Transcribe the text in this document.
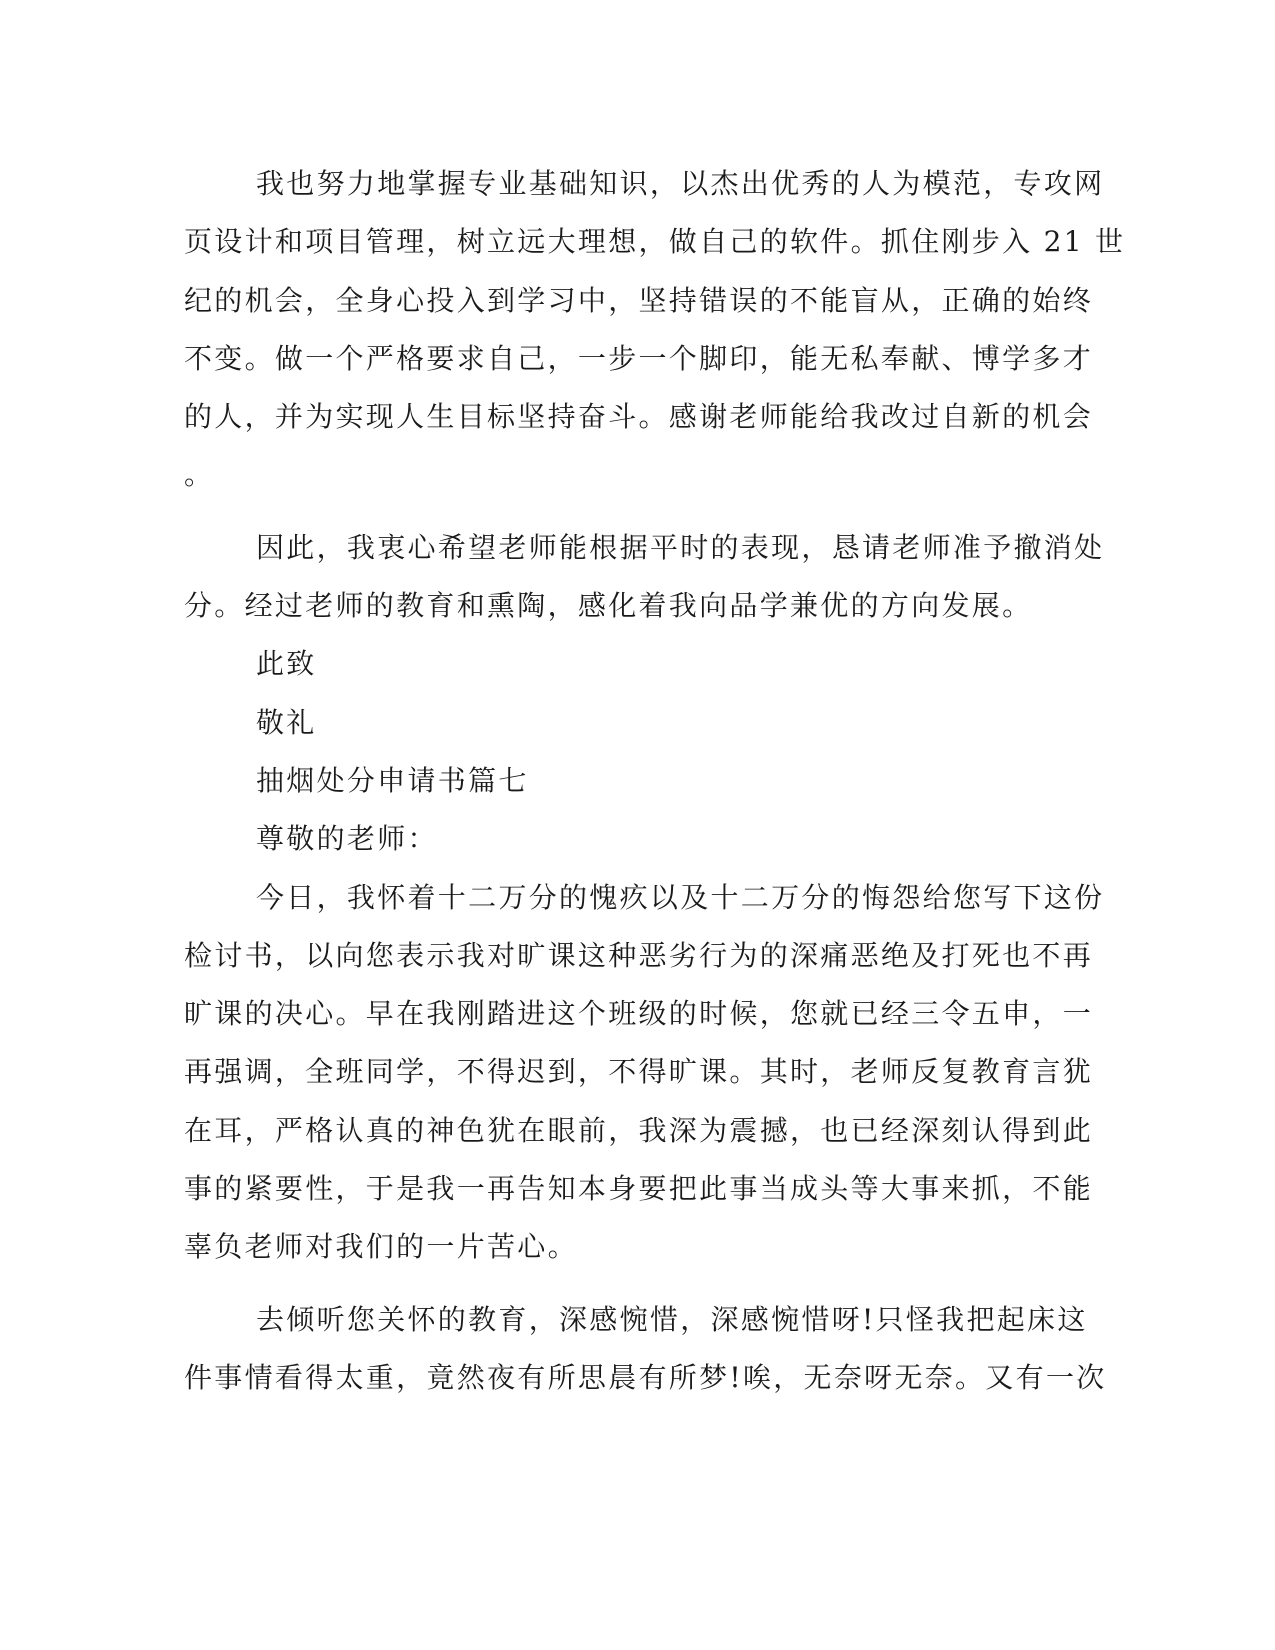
我也努力地掌握专业基础知识，以杰出优秀的人为模范，专攻网
页设计和项目管理，树立远大理想，做自己的软件。抓住刚步入 21 世
纪的机会，全身心投入到学习中，坚持错误的不能盲从，正确的始终
不变。做一个严格要求自己，一步一个脚印，能无私奉献、博学多才
的人，并为实现人生目标坚持奋斗。感谢老师能给我改过自新的机会
。
因此，我衷心希望老师能根据平时的表现，恳请老师准予撤消处
分。经过老师的教育和熏陶，感化着我向品学兼优的方向发展。
此致
敬礼
抽烟处分申请书篇七
尊敬的老师：
今日，我怀着十二万分的愧疚以及十二万分的悔怨给您写下这份
检讨书，以向您表示我对旷课这种恶劣行为的深痛恶绝及打死也不再
旷课的决心。早在我刚踏进这个班级的时候，您就已经三令五申，一
再强调，全班同学，不得迟到，不得旷课。其时，老师反复教育言犹
在耳，严格认真的神色犹在眼前，我深为震撼，也已经深刻认得到此
事的紧要性，于是我一再告知本身要把此事当成头等大事来抓，不能
辜负老师对我们的一片苦心。
去倾听您关怀的教育，深感惋惜，深感惋惜呀!只怪我把起床这
件事情看得太重，竟然夜有所思晨有所梦!唉，无奈呀无奈。又有一次
